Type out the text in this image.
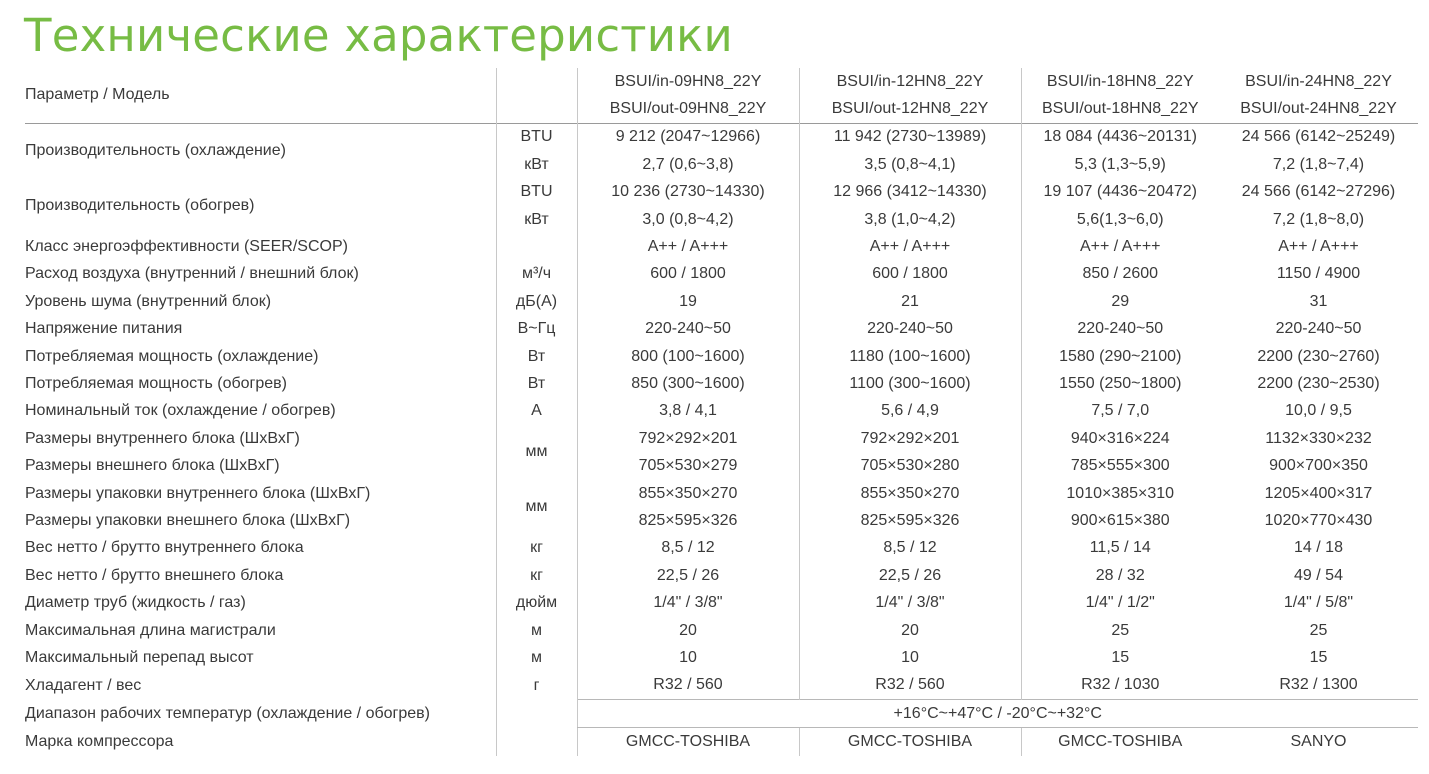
Технические характеристики
Параметр / Модель		BSUI/in-09HN8_22Y	BSUI/in-12HN8_22Y	BSUI/in-18HN8_22Y	BSUI/in-24HN8_22Y
		BSUI/out-09HN8_22Y	BSUI/out-12HN8_22Y	BSUI/out-18HN8_22Y	BSUI/out-24HN8_22Y
Производительность (охлаждение)	BTU	9 212 (2047~12966)	11 942 (2730~13989)	18 084 (4436~20131)	24 566 (6142~25249)
	кВт	2,7 (0,6~3,8)	3,5 (0,8~4,1)	5,3 (1,3~5,9)	7,2 (1,8~7,4)
Производительность (обогрев)	BTU	10 236 (2730~14330)	12 966 (3412~14330)	19 107 (4436~20472)	24 566 (6142~27296)
	кВт	3,0 (0,8~4,2)	3,8 (1,0~4,2)	5,6(1,3~6,0)	7,2 (1,8~8,0)
Класс энергоэффективности (SEER/SCOP)		A++ / A+++	A++ / A+++	A++ / A+++	A++ / A+++
Расход воздуха (внутренний / внешний блок)	м³/ч	600 / 1800	600 / 1800	850 / 2600	1150 / 4900
Уровень шума (внутренний блок)	дБ(А)	19	21	29	31
Напряжение питания	В~Гц	220-240~50	220-240~50	220-240~50	220-240~50
Потребляемая мощность (охлаждение)	Вт	800 (100~1600)	1180 (100~1600)	1580 (290~2100)	2200 (230~2760)
Потребляемая мощность (обогрев)	Вт	850 (300~1600)	1100 (300~1600)	1550 (250~1800)	2200 (230~2530)
Номинальный ток (охлаждение / обогрев)	А	3,8 / 4,1	5,6 / 4,9	7,5 / 7,0	10,0 / 9,5
Размеры внутреннего блока (ШхВхГ)	мм	792×292×201	792×292×201	940×316×224	1132×330×232
Размеры внешнего блока (ШхВхГ)		705×530×279	705×530×280	785×555×300	900×700×350
Размеры упаковки внутреннего блока (ШхВхГ)	мм	855×350×270	855×350×270	1010×385×310	1205×400×317
Размеры упаковки внешнего блока (ШхВхГ)		825×595×326	825×595×326	900×615×380	1020×770×430
Вес нетто / брутто внутреннего блока	кг	8,5 / 12	8,5 / 12	11,5 / 14	14 / 18
Вес нетто / брутто внешнего блока	кг	22,5 / 26	22,5 / 26	28 / 32	49 / 54
Диаметр труб (жидкость / газ)	дюйм	1/4" / 3/8"	1/4" / 3/8"	1/4" / 1/2"	1/4" / 5/8"
Максимальная длина магистрали	м	20	20	25	25
Максимальный перепад высот	м	10	10	15	15
Хладагент / вес	г	R32 / 560	R32 / 560	R32 / 1030	R32 / 1300
Диапазон рабочих температур (охлаждение / обогрев)		+16°C~+47°C / -20°C~+32°C			
Марка компрессора		GMCC-TOSHIBA	GMCC-TOSHIBA	GMCC-TOSHIBA	SANYO
